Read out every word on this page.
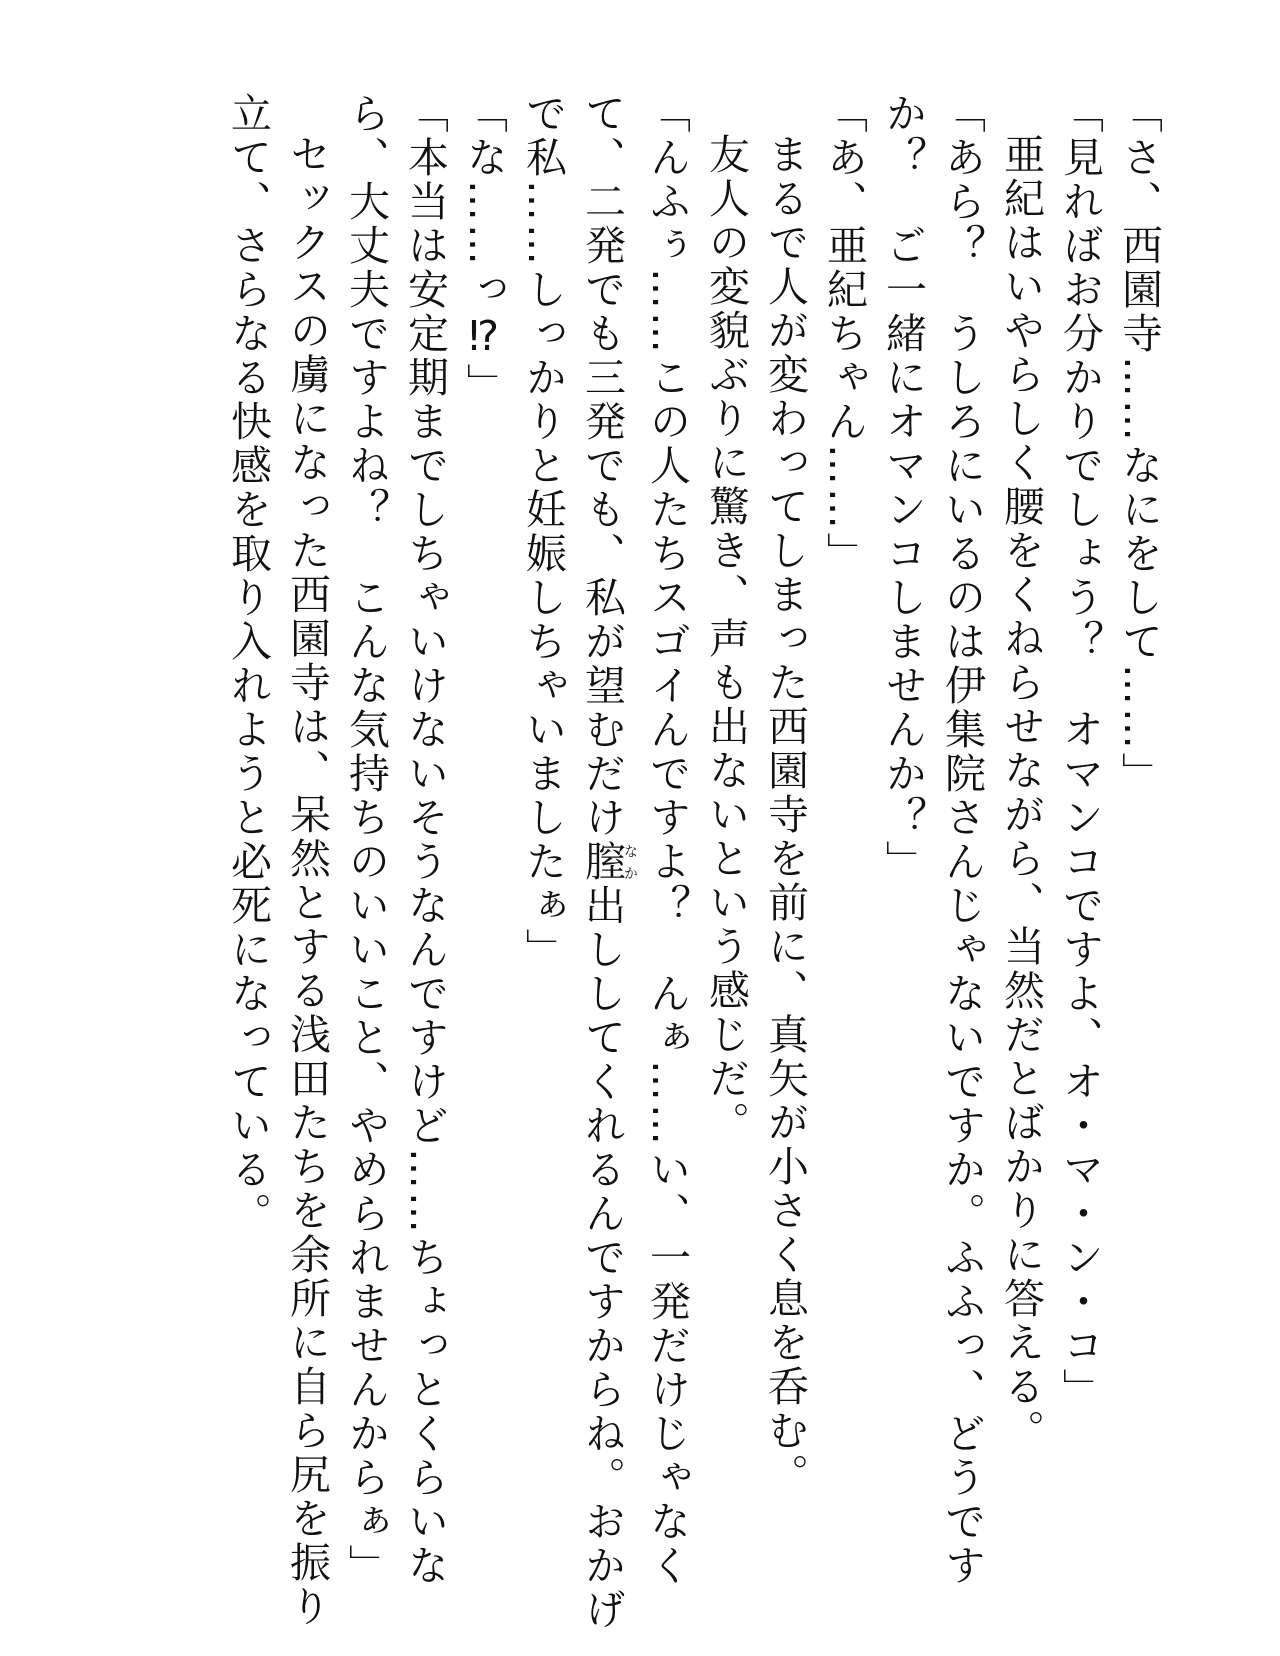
「さ、西園寺……なにをして……」
「見ればお分かりでしょう？　オマンコですよ、オ・マ・ン・コ」
亜紀はいやらしく腰をくねらせながら、当然だとばかりに答える。
「あら？　うしろにいるのは伊集院さんじゃないですか。ふふっ、どうです
か？　ご一緒にオマンコしませんか？」
「あ、亜紀ちゃん……」
まるで人が変わってしまった西園寺を前に、真矢が小さく息を呑む。
友人の変貌ぶりに驚き、声も出ないという感じだ。
「んふぅ……この人たちスゴイんですよ？　んぁ……い、一発だけじゃなく
て、二発でも三発でも、私が望むだけ膣なか出ししてくれるんですからね。おかげ
で私……しっかりと妊娠しちゃいましたぁ」
「な……っ⁉」
「本当は安定期までしちゃいけないそうなんですけど……ちょっとくらいな
ら、大丈夫ですよね？　こんな気持ちのいいこと、やめられませんからぁ」
セックスの虜になった西園寺は、呆然とする浅田たちを余所に自ら尻を振り
立て、さらなる快感を取り入れようと必死になっている。
